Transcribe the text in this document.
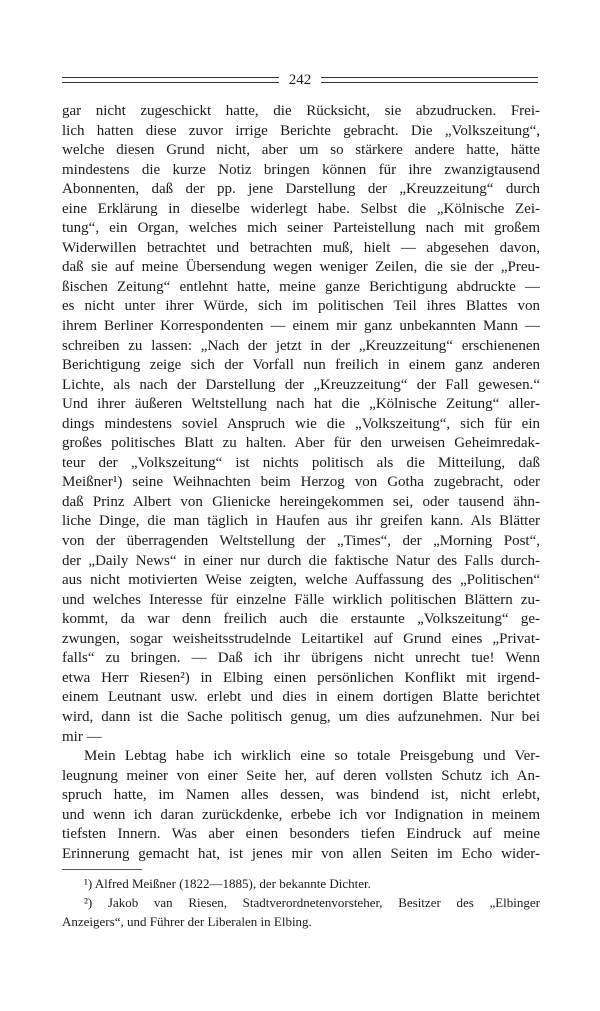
242
gar nicht zugeschickt hatte, die Rücksicht, sie abzudrucken. Frei-
lich hatten diese zuvor irrige Berichte gebracht. Die „Volkszeitung“,
welche diesen Grund nicht, aber um so stärkere andere hatte, hätte
mindestens die kurze Notiz bringen können für ihre zwanzigtausend
Abonnenten, daß der pp. jene Darstellung der „Kreuzzeitung“ durch
eine Erklärung in dieselbe widerlegt habe. Selbst die „Kölnische Zei-
tung“, ein Organ, welches mich seiner Parteistellung nach mit großem
Widerwillen betrachtet und betrachten muß, hielt — abgesehen davon,
daß sie auf meine Übersendung wegen weniger Zeilen, die sie der „Preu-
ßischen Zeitung“ entlehnt hatte, meine ganze Berichtigung abdruckte —
es nicht unter ihrer Würde, sich im politischen Teil ihres Blattes von
ihrem Berliner Korrespondenten — einem mir ganz unbekannten Mann —
schreiben zu lassen: „Nach der jetzt in der „Kreuzzeitung“ erschienenen
Berichtigung zeige sich der Vorfall nun freilich in einem ganz anderen
Lichte, als nach der Darstellung der „Kreuzzeitung“ der Fall gewesen.“
Und ihrer äußeren Weltstellung nach hat die „Kölnische Zeitung“ aller-
dings mindestens soviel Anspruch wie die „Volkszeitung“, sich für ein
großes politisches Blatt zu halten. Aber für den urweisen Geheimredak-
teur der „Volkszeitung“ ist nichts politisch als die Mitteilung, daß
Meißner¹) seine Weihnachten beim Herzog von Gotha zugebracht, oder
daß Prinz Albert von Glienicke hereingekommen sei, oder tausend ähn-
liche Dinge, die man täglich in Haufen aus ihr greifen kann. Als Blätter
von der überragenden Weltstellung der „Times“, der „Morning Post“,
der „Daily News“ in einer nur durch die faktische Natur des Falls durch-
aus nicht motivierten Weise zeigten, welche Auffassung des „Politischen“
und welches Interesse für einzelne Fälle wirklich politischen Blättern zu-
kommt, da war denn freilich auch die erstaunte „Volkszeitung“ ge-
zwungen, sogar weisheitsstrudelnde Leitartikel auf Grund eines „Privat-
falls“ zu bringen. — Daß ich ihr übrigens nicht unrecht tue! Wenn
etwa Herr Riesen²) in Elbing einen persönlichen Konflikt mit irgend-
einem Leutnant usw. erlebt und dies in einem dortigen Blatte berichtet
wird, dann ist die Sache politisch genug, um dies aufzunehmen. Nur bei
mir —
Mein Lebtag habe ich wirklich eine so totale Preisgebung und Ver-
leugnung meiner von einer Seite her, auf deren vollsten Schutz ich An-
spruch hatte, im Namen alles dessen, was bindend ist, nicht erlebt,
und wenn ich daran zurückdenke, erbebe ich vor Indignation in meinem
tiefsten Innern. Was aber einen besonders tiefen Eindruck auf meine
Erinnerung gemacht hat, ist jenes mir von allen Seiten im Echo wider-
¹) Alfred Meißner (1822—1885), der bekannte Dichter.
²) Jakob van Riesen, Stadtverordnetenvorsteher, Besitzer des „Elbinger
Anzeigers“, und Führer der Liberalen in Elbing.
